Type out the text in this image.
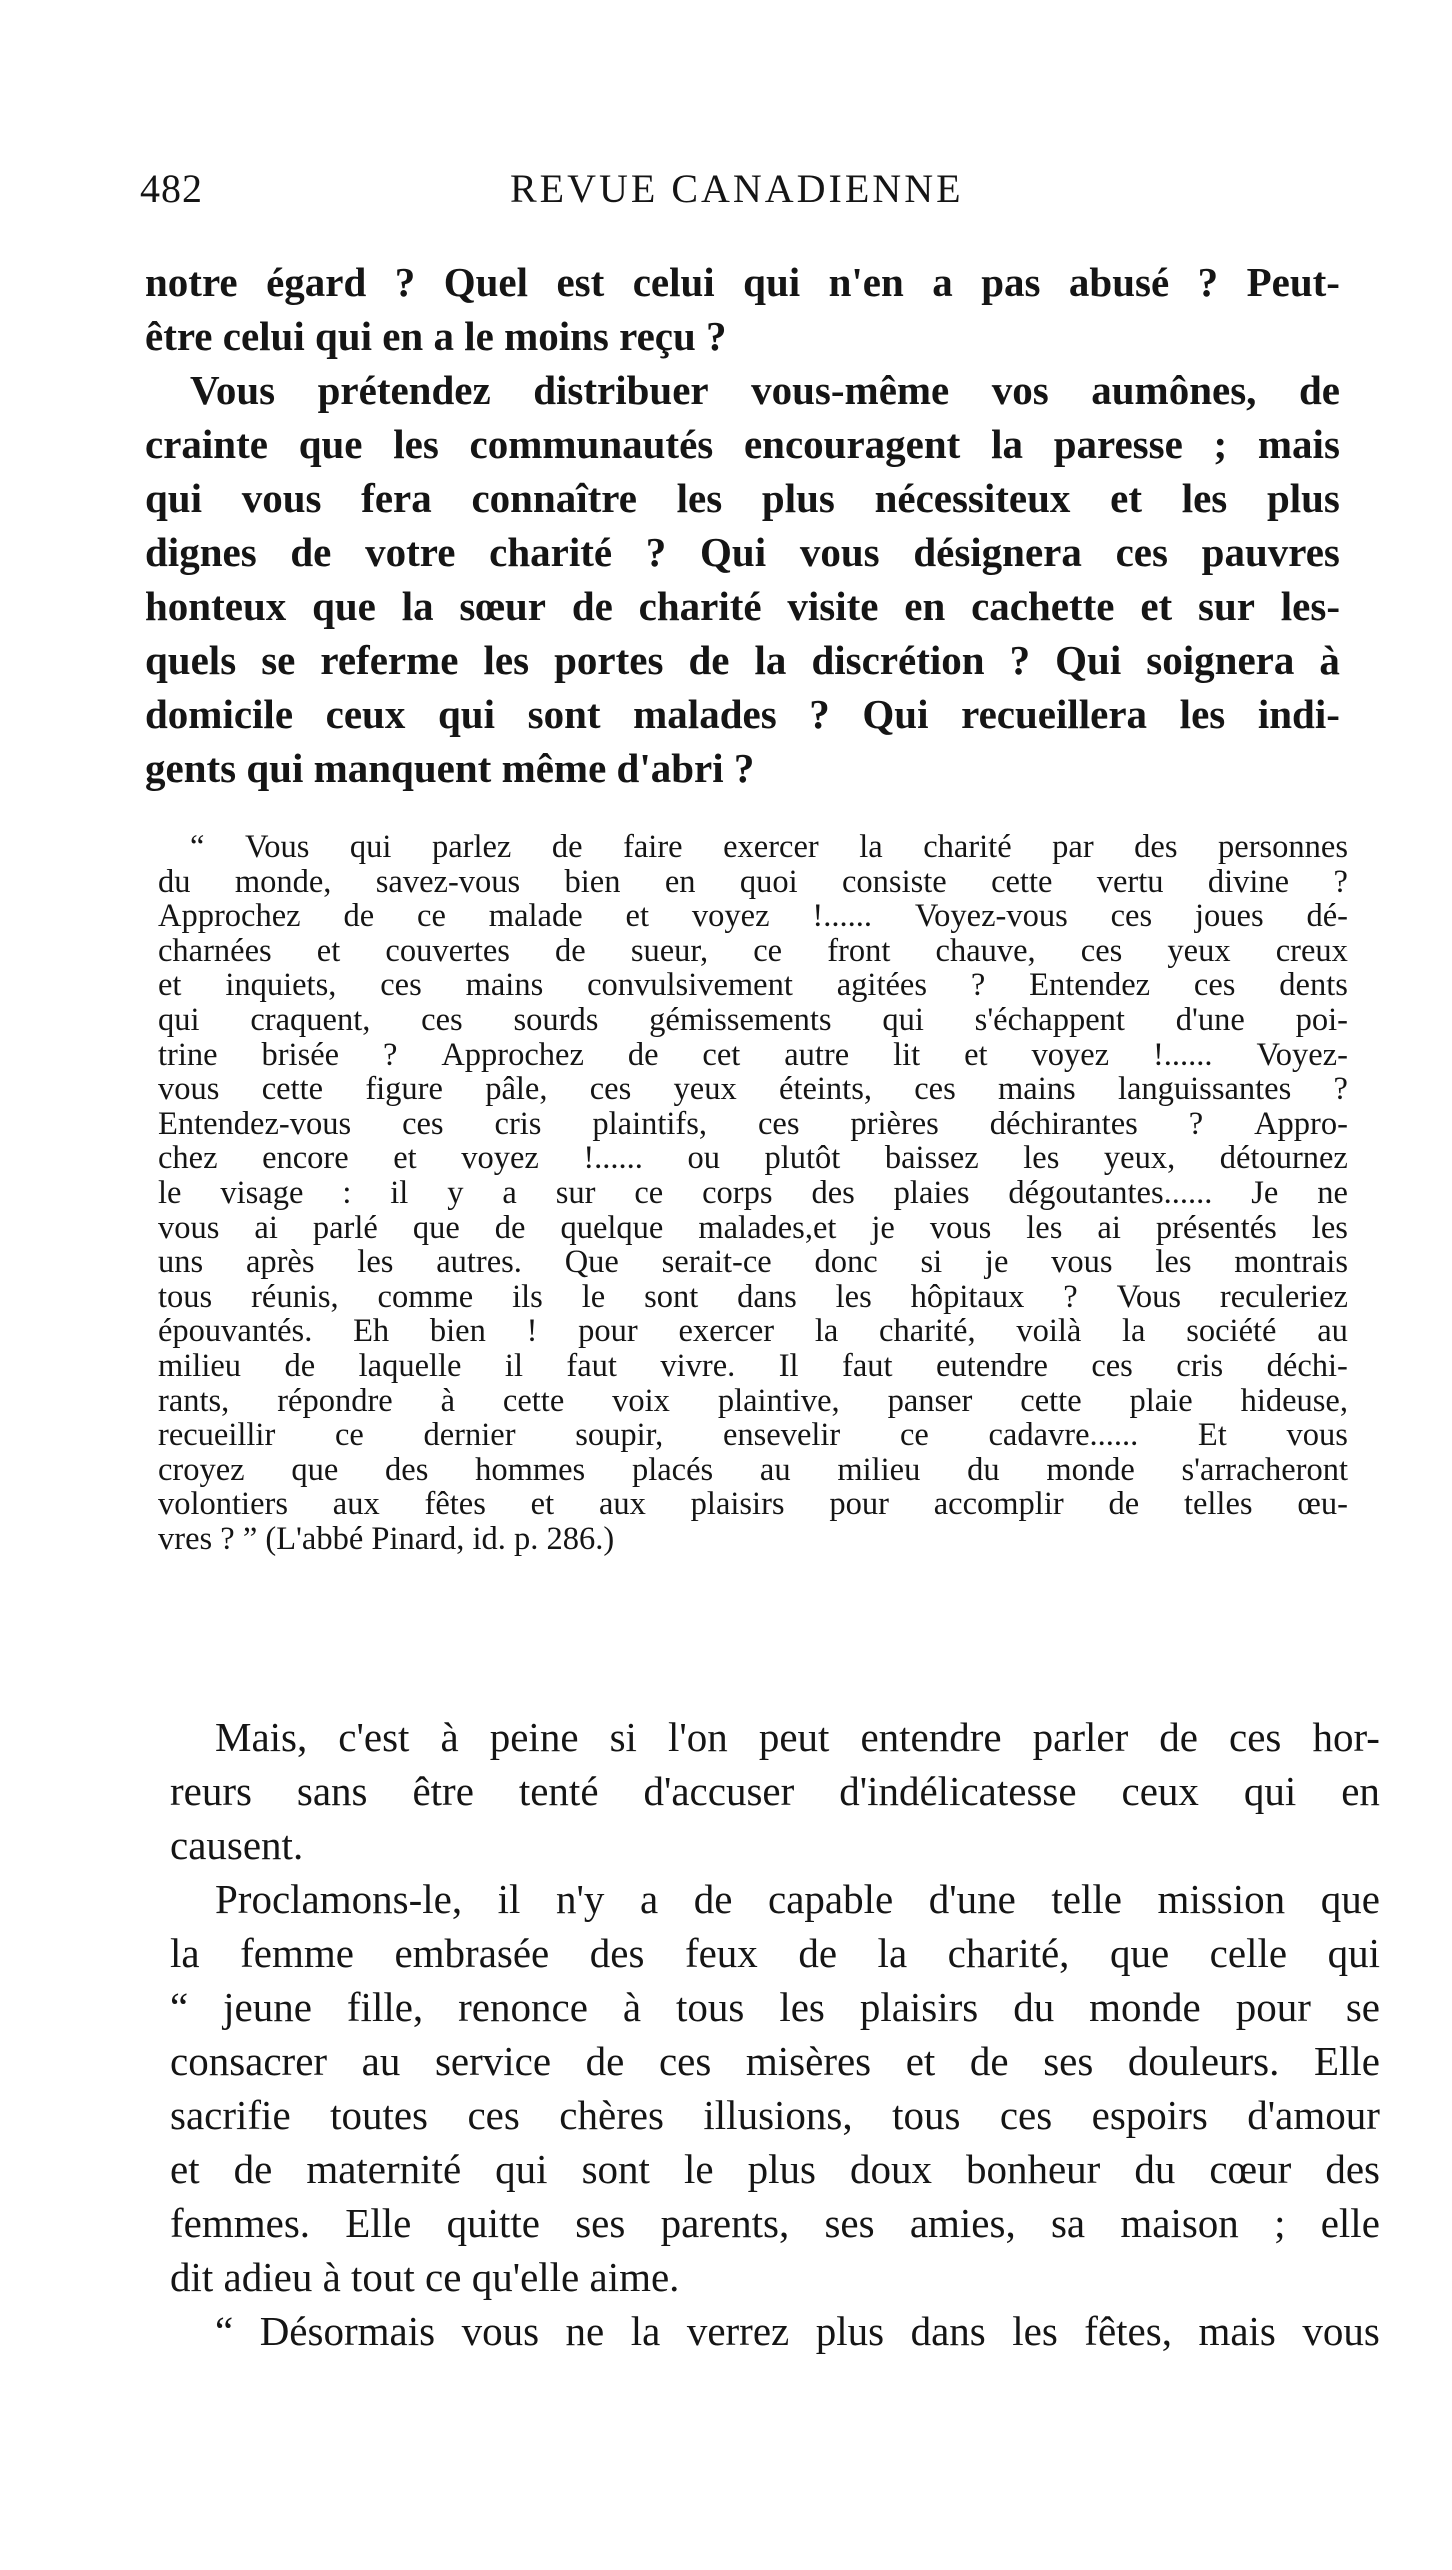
482	REVUE CANADIENNE
notre égard ? Quel est celui qui n'en a pas abusé ? Peut-
être celui qui en a le moins reçu ?
Vous prétendez distribuer vous-même vos aumônes, de
crainte que les communautés encouragent la paresse ; mais
qui vous fera connaître les plus nécessiteux et les plus
dignes de votre charité ? Qui vous désignera ces pauvres
honteux que la sœur de charité visite en cachette et sur les-
quels se referme les portes de la discrétion ? Qui soignera à
domicile ceux qui sont malades ? Qui recueillera les indi-
gents qui manquent même d'abri ?
“ Vous qui parlez de faire exercer la charité par des personnes
du monde, savez-vous bien en quoi consiste cette vertu divine ?
Approchez de ce malade et voyez !...... Voyez-vous ces joues dé-
charnées et couvertes de sueur, ce front chauve, ces yeux creux
et inquiets, ces mains convulsivement agitées ? Entendez ces dents
qui craquent, ces sourds gémissements qui s'échappent d'une poi-
trine brisée ? Approchez de cet autre lit et voyez !...... Voyez-
vous cette figure pâle, ces yeux éteints, ces mains languissantes ?
Entendez-vous ces cris plaintifs, ces prières déchirantes ? Appro-
chez encore et voyez !...... ou plutôt baissez les yeux, détournez
le visage : il y a sur ce corps des plaies dégoutantes...... Je ne
vous ai parlé que de quelque malades,et je vous les ai présentés les
uns après les autres. Que serait-ce donc si je vous les montrais
tous réunis, comme ils le sont dans les hôpitaux ? Vous reculeriez
épouvantés. Eh bien ! pour exercer la charité, voilà la société au
milieu de laquelle il faut vivre. Il faut eutendre ces cris déchi-
rants, répondre à cette voix plaintive, panser cette plaie hideuse,
recueillir ce dernier soupir, ensevelir ce cadavre...... Et vous
croyez que des hommes placés au milieu du monde s'arracheront
volontiers aux fêtes et aux plaisirs pour accomplir de telles œu-
vres ? ” (L'abbé Pinard, id. p. 286.)
Mais, c'est à peine si l'on peut entendre parler de ces hor-
reurs sans être tenté d'accuser d'indélicatesse ceux qui en
causent.
Proclamons-le, il n'y a de capable d'une telle mission que
la femme embrasée des feux de la charité, que celle qui
“ jeune fille, renonce à tous les plaisirs du monde pour se
consacrer au service de ces misères et de ses douleurs. Elle
sacrifie toutes ces chères illusions, tous ces espoirs d'amour
et de maternité qui sont le plus doux bonheur du cœur des
femmes. Elle quitte ses parents, ses amies, sa maison ; elle
dit adieu à tout ce qu'elle aime.
“ Désormais vous ne la verrez plus dans les fêtes, mais vous
